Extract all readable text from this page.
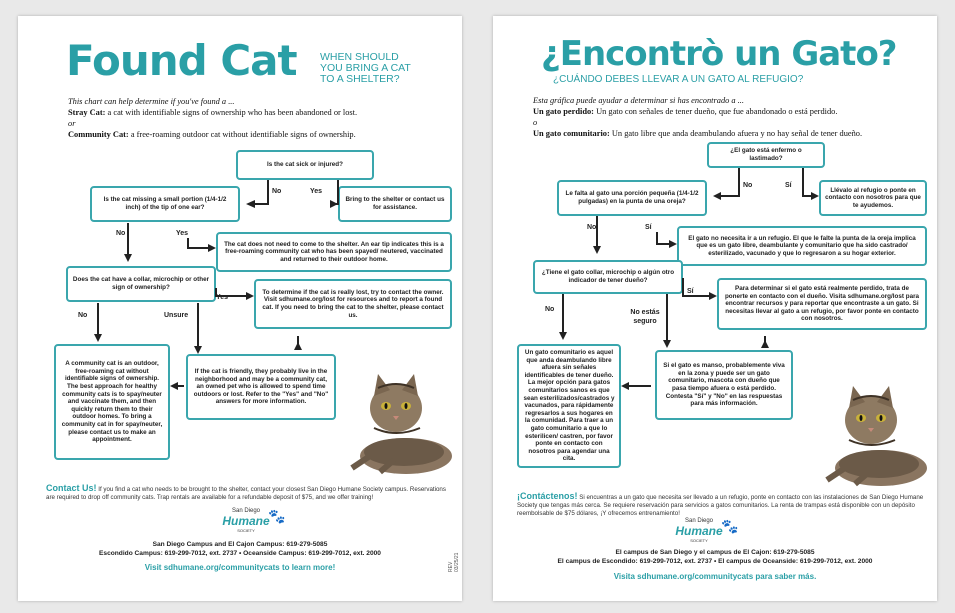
Found Cat WHEN SHOULD
YOU BRING A CAT
TO A SHELTER?
This chart can help determine if you've found a ...
Stray Cat: a cat with identifiable signs of ownership who has been abandoned or lost.
or
Community Cat: a free-roaming outdoor cat without identifiable signs of ownership.
Is the cat sick or injured?
Is the cat missing a small portion (1/4-1/2 inch) of the tip of one ear?
Bring to the shelter or contact us for assistance.
The cat does not need to come to the shelter. An ear tip indicates this is a free-roaming community cat who has been spayed/ neutered, vaccinated and returned to their outdoor home.
Does the cat have a collar, microchip or other sign of ownership?
To determine if the cat is really lost, try to contact the owner. Visit sdhumane.org/lost for resources and to report a found cat. If you need to bring the cat to the shelter, please contact us.
A community cat is an outdoor, free-roaming cat without identifiable signs of ownership. The best approach for healthy community cats is to spay/neuter and vaccinate them, and then quickly return them to their outdoor homes. To bring a community cat in for spay/neuter, please contact us to make an appointment.
If the cat is friendly, they probably live in the neighborhood and may be a community cat, an owned pet who is allowed to spend time outdoors or lost. Refer to the "Yes" and "No" answers for more information.
No	Yes
No	Yes
No	Unsure
Yes
Contact Us! If you find a cat who needs to be brought to the shelter, contact your closest San Diego Humane Society campus. Reservations are required to drop off community cats. Trap rentals are available for a refundable deposit of $75, and we offer training!
San Diego
Humane
SOCIETY
🐾
San Diego Campus and El Cajon Campus: 619-279-5085
Escondido Campus: 619-299-7012, ext. 2737 • Oceanside Campus: 619-299-7012, ext. 2000
Visit sdhumane.org/communitycats to learn more!	REV 03/25/21
¿Encontrò un Gato?
¿CUÁNDO DEBES LLEVAR A UN GATO AL REFUGIO?
Esta gráfica puede ayudar a determinar si has encontrado a ...
Un gato perdido: Un gato con señales de tener dueño, que fue abandonado o está perdido.
o
Un gato comunitario: Un gato libre que anda deambulando afuera y no hay señal de tener dueño.
¿El gato está enfermo o lastimado?
Le falta al gato una porción pequeña (1/4-1/2 pulgadas) en la punta de una oreja?
Llévalo al refugio o ponte en contacto con nosotros para que te ayudemos.
El gato no necesita ir a un refugio. El que le falte la punta de la oreja implica que es un gato libre, deambulante y comunitario que ha sido castrado/ esterilizado, vacunado y que lo regresaron a su hogar exterior.
¿Tiene el gato collar, microchip o algún otro indicador de tener dueño?
Para determinar si el gato está realmente perdido, trata de ponerte en contacto con el dueño. Visita sdhumane.org/lost para encontrar recursos y para reportar que encontraste a un gato. Si necesitas llevar al gato a un refugio, por favor ponte en contacto con nosotros.
Un gato comunitario es aquel que anda deambulando libre afuera sin señales identificables de tener dueño. La mejor opción para gatos comunitarios sanos es que sean esterilizados/castrados y vacunados, para rápidamente regresarlos a sus hogares en la comunidad. Para traer a un gato comunitario a que lo esterilicen/ castren, por favor ponte en contacto con nosotros para agendar una cita.
Si el gato es manso, probablemente viva en la zona y puede ser un gato comunitario, mascota con dueño que pasa tiempo afuera o está perdido. Contesta "Sí" y "No" en las respuestas para más información.
No	Sí
No	Sí
No	No estás seguro
Sí
¡Contáctenos! Si encuentras a un gato que necesita ser llevado a un refugio, ponte en contacto con las instalaciones de San Diego Humane Society que tengas más cerca. Se requiere reservación para servicios a gatos comunitarios. La renta de trampas está disponible con un depósito reembolsable de $75 dólares, ¡Y ofrecemos entrenamiento!
San Diego
Humane
SOCIETY
🐾
El campus de San Diego y el campus de El Cajon: 619-279-5085
El campus de Escondido: 619-299-7012, ext. 2737 • El campus de Oceanside: 619-299-7012, ext. 2000
Visita sdhumane.org/communitycats para saber más.
